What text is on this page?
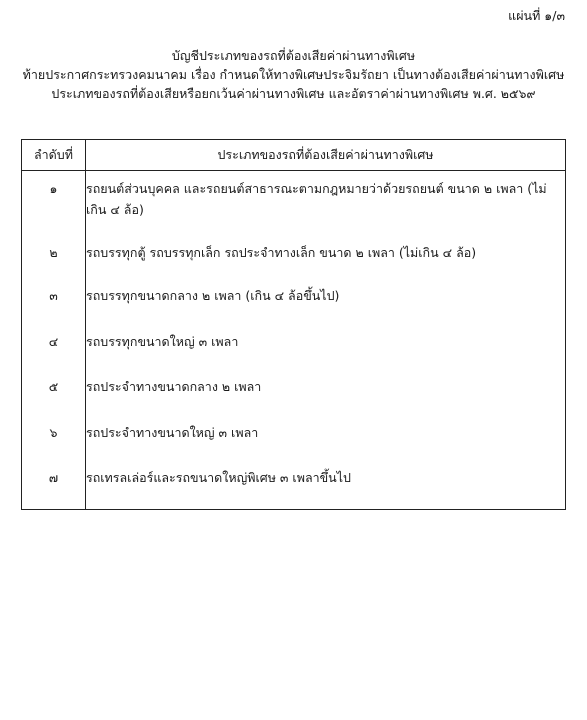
แผ่นที่ ๑/๓
บัญชีประเภทของรถที่ต้องเสียค่าผ่านทางพิเศษ
ท้ายประกาศกระทรวงคมนาคม เรื่อง กำหนดให้ทางพิเศษประจิมรัถยา เป็นทางต้องเสียค่าผ่านทางพิเศษ
ประเภทของรถที่ต้องเสียหรือยกเว้นค่าผ่านทางพิเศษ และอัตราค่าผ่านทางพิเศษ พ.ศ. ๒๕๖๙
ลำดับที่	ประเภทของรถที่ต้องเสียค่าผ่านทางพิเศษ

๑	รถยนต์ส่วนบุคคล และรถยนต์สาธารณะตามกฎหมายว่าด้วยรถยนต์ ขนาด ๒ เพลา (ไม่เกิน ๔ ล้อ)

๒	รถบรรทุกตู้ รถบรรทุกเล็ก รถประจำทางเล็ก ขนาด ๒ เพลา (ไม่เกิน ๔ ล้อ)

๓	รถบรรทุกขนาดกลาง ๒ เพลา (เกิน ๔ ล้อขึ้นไป)

๔	รถบรรทุกขนาดใหญ่ ๓ เพลา

๕	รถประจำทางขนาดกลาง ๒ เพลา

๖	รถประจำทางขนาดใหญ่ ๓ เพลา

๗	รถเทรลเล่อร์และรถขนาดใหญ่พิเศษ ๓ เพลาขึ้นไป
